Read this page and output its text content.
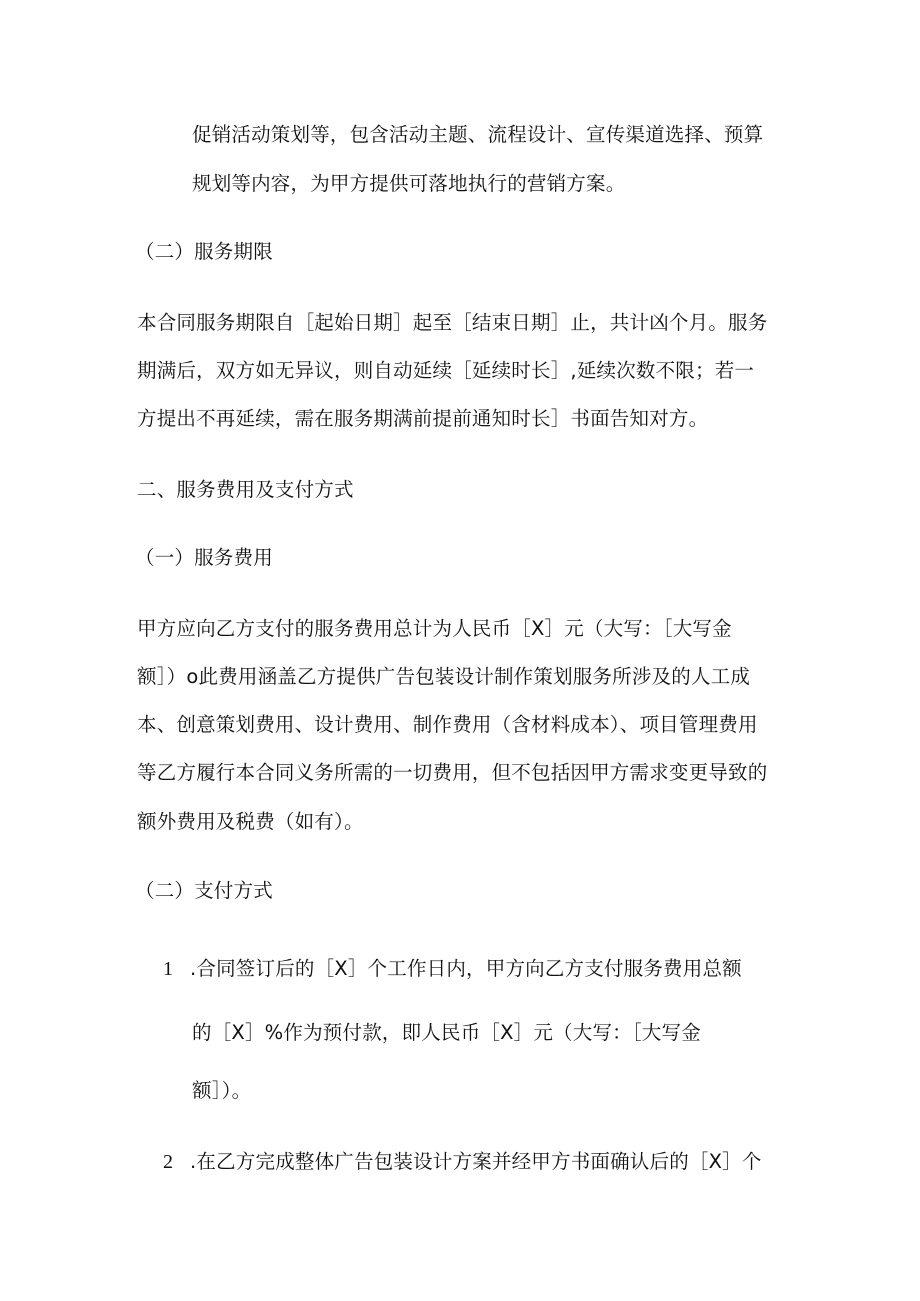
促销活动策划等，包含活动主题、流程设计、宣传渠道选择、预算
规划等内容，为甲方提供可落地执行的营销方案。
（二）服务期限
本合同服务期限自［起始日期］起至［结束日期］止，共计凶个月。服务
期满后，双方如无异议，则自动延续［延续时长］,延续次数不限；若一
方提出不再延续，需在服务期满前提前通知时长］书面告知对方。
二、服务费用及支付方式
（一）服务费用
甲方应向乙方支付的服务费用总计为人民币［X］元（大写：［大写金
额］）o此费用涵盖乙方提供广告包装设计制作策划服务所涉及的人工成
本、创意策划费用、设计费用、制作费用（含材料成本）、项目管理费用
等乙方履行本合同义务所需的一切费用，但不包括因甲方需求变更导致的
额外费用及税费（如有）。
（二）支付方式
1 .合同签订后的［X］个工作日内，甲方向乙方支付服务费用总额
的［X］%作为预付款，即人民币［X］元（大写：［大写金
额］）。
2 .在乙方完成整体广告包装设计方案并经甲方书面确认后的［X］个
